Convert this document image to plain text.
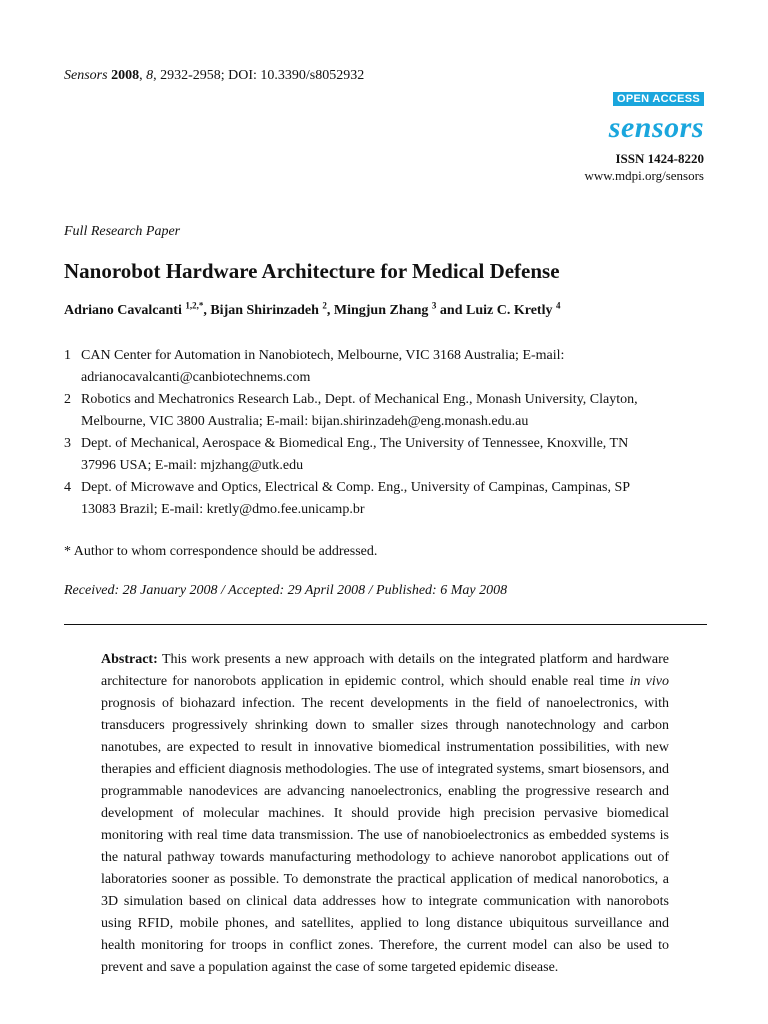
Sensors 2008, 8, 2932-2958; DOI: 10.3390/s8052932
OPEN ACCESS
sensors
ISSN 1424-8220
www.mdpi.org/sensors
Full Research Paper
Nanorobot Hardware Architecture for Medical Defense
Adriano Cavalcanti $^{1,2,*}$, Bijan Shirinzadeh $^2$, Mingjun Zhang $^3$ and Luiz C. Kretly $^4$
1 CAN Center for Automation in Nanobiotech, Melbourne, VIC 3168 Australia; E-mail:
adrianocavalcanti@canbiotechnems.com
2 Robotics and Mechatronics Research Lab., Dept. of Mechanical Eng., Monash University, Clayton,
Melbourne, VIC 3800 Australia; E-mail: bijan.shirinzadeh@eng.monash.edu.au
3 Dept. of Mechanical, Aerospace & Biomedical Eng., The University of Tennessee, Knoxville, TN
37996 USA; E-mail: mjzhang@utk.edu
4 Dept. of Microwave and Optics, Electrical & Comp. Eng., University of Campinas, Campinas, SP
13083 Brazil; E-mail: kretly@dmo.fee.unicamp.br
* Author to whom correspondence should be addressed.
Received: 28 January 2008 / Accepted: 29 April 2008 / Published: 6 May 2008
Abstract: This work presents a new approach with details on the integrated platform and hardware architecture for nanorobots application in epidemic control, which should enable real time in vivo prognosis of biohazard infection. The recent developments in the field of nanoelectronics, with transducers progressively shrinking down to smaller sizes through nanotechnology and carbon nanotubes, are expected to result in innovative biomedical instrumentation possibilities, with new therapies and efficient diagnosis methodologies. The use of integrated systems, smart biosensors, and programmable nanodevices are advancing nanoelectronics, enabling the progressive research and development of molecular machines. It should provide high precision pervasive biomedical monitoring with real time data transmission. The use of nanobioelectronics as embedded systems is the natural pathway towards manufacturing methodology to achieve nanorobot applications out of laboratories sooner as possible. To demonstrate the practical application of medical nanorobotics, a 3D simulation based on clinical data addresses how to integrate communication with nanorobots using RFID, mobile phones, and satellites, applied to long distance ubiquitous surveillance and health monitoring for troops in conflict zones. Therefore, the current model can also be used to prevent and save a population against the case of some targeted epidemic disease.
